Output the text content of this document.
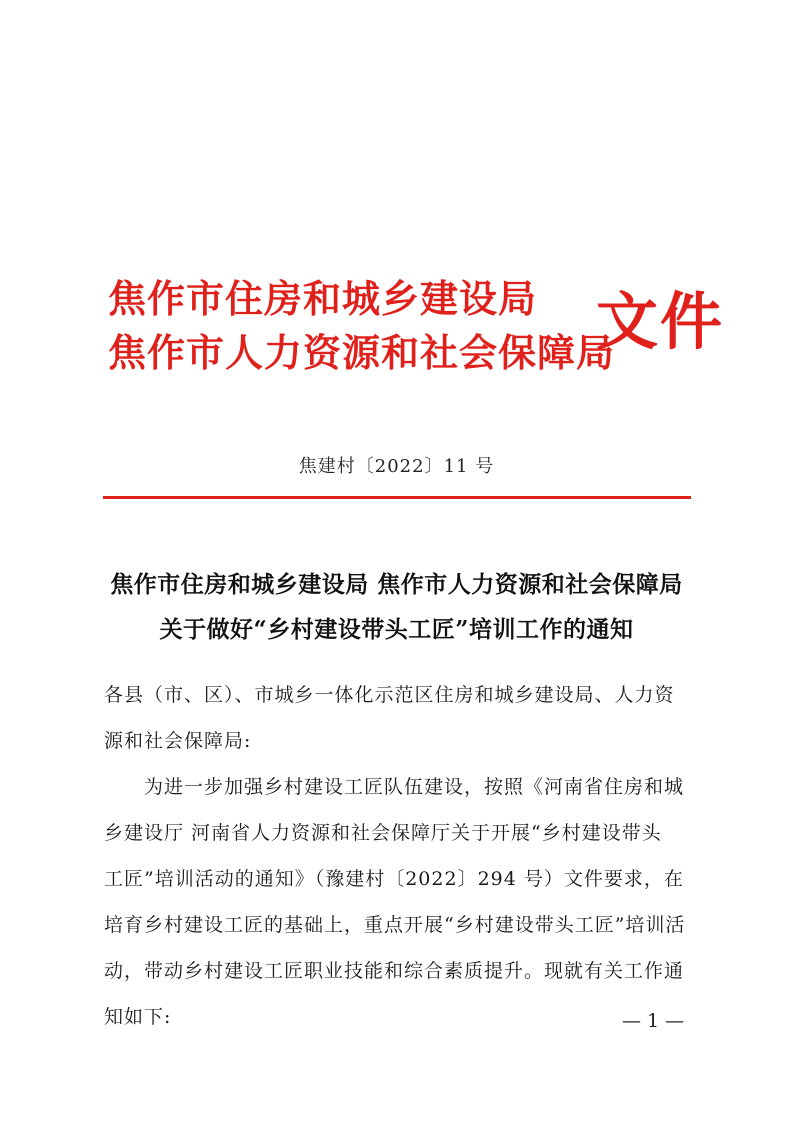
焦作市住房和城乡建设局
焦作市人力资源和社会保障局
文件
焦建村〔2022〕11 号
焦作市住房和城乡建设局 焦作市人力资源和社会保障局
关于做好“乡村建设带头工匠”培训工作的通知
各县（市、区）、市城乡一体化示范区住房和城乡建设局、人力资
源和社会保障局:
　　为进一步加强乡村建设工匠队伍建设，按照《河南省住房和城
乡建设厅 河南省人力资源和社会保障厅关于开展“乡村建设带头
工匠”培训活动的通知》（豫建村〔2022〕294 号）文件要求，在
培育乡村建设工匠的基础上，重点开展“乡村建设带头工匠”培训活
动，带动乡村建设工匠职业技能和综合素质提升。现就有关工作通
知如下:	— 1 —
